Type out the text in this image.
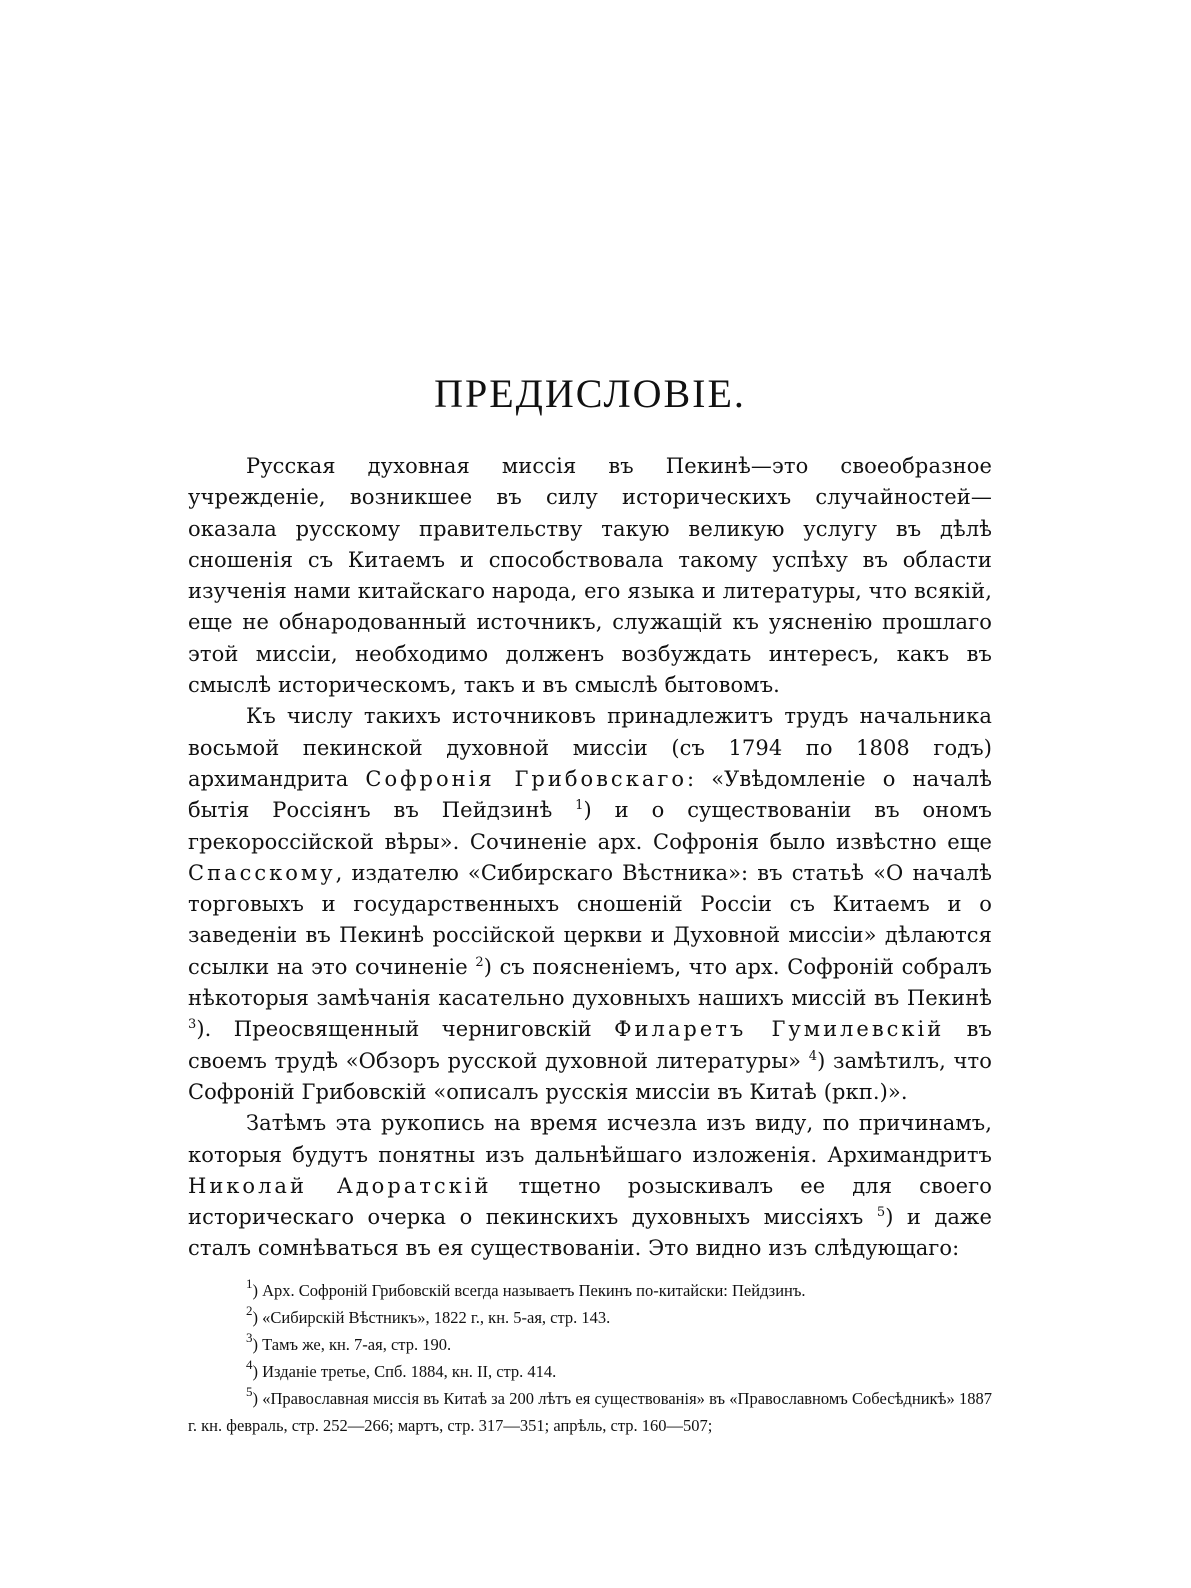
ПРЕДИСЛОВІЕ.

Русская духовная миссія въ Пекинѣ—это своеобразное учрежденіе, возникшее въ силу историческихъ случайностей—оказала русскому правительству такую великую услугу въ дѣлѣ сношенія съ Китаемъ и способствовала такому успѣху въ области изученія нами китайскаго народа, его языка и литературы, что всякій, еще не обнародованный источникъ, служащій къ уясненію прошлаго этой миссіи, необходимо долженъ возбуждать интересъ, какъ въ смыслѣ историческомъ, такъ и въ смыслѣ бытовомъ.

Къ числу такихъ источниковъ принадлежитъ трудъ начальника восьмой пекинской духовной миссіи (съ 1794 по 1808 годъ) архимандрита Софронія Грибовскаго: «Увѣдомленіе о началѣ бытія Россіянъ въ Пейдзинѣ $^1$) и о существованіи въ ономъ грекороссійской вѣры». Сочиненіе арх. Софронія было извѣстно еще Спасскому, издателю «Сибирскаго Вѣстника»: въ статьѣ «О началѣ торговыхъ и государственныхъ сношеній Россіи съ Китаемъ и о заведеніи въ Пекинѣ россійской церкви и Духовной миссіи» дѣлаются ссылки на это сочиненіе $^2$) съ поясненіемъ, что арх. Софроній собралъ нѣкоторыя замѣчанія касательно духовныхъ нашихъ миссій въ Пекинѣ $^3$). Преосвященный черниговскій Филаретъ Гумилевскій въ своемъ трудѣ «Обзоръ русской духовной литературы» $^4$) замѣтилъ, что Софроній Грибовскій «описалъ русскія миссіи въ Китаѣ (ркп.)».

Затѣмъ эта рукопись на время исчезла изъ виду, по причинамъ, которыя будутъ понятны изъ дальнѣйшаго изложенія. Архимандритъ Николай Адоратскій тщетно розыскивалъ ее для своего историческаго очерка о пекинскихъ духовныхъ миссіяхъ $^5$) и даже сталъ сомнѣваться въ ея существованіи. Это видно изъ слѣдующаго:

$^1$) Арх. Софроній Грибовскій всегда называетъ Пекинъ по-китайски: Пейдзинъ.

$^2$) «Сибирскій Вѣстникъ», 1822 г., кн. 5-ая, стр. 143.

$^3$) Тамъ же, кн. 7-ая, стр. 190.

$^4$) Изданіе третье, Спб. 1884, кн. II, стр. 414.

$^5$) «Православная миссія въ Китаѣ за 200 лѣтъ ея существованія» въ «Православномъ Собесѣдникѣ» 1887 г. кн. февраль, стр. 252—266; мартъ, стр. 317—351; апрѣль, стр. 160—507;
